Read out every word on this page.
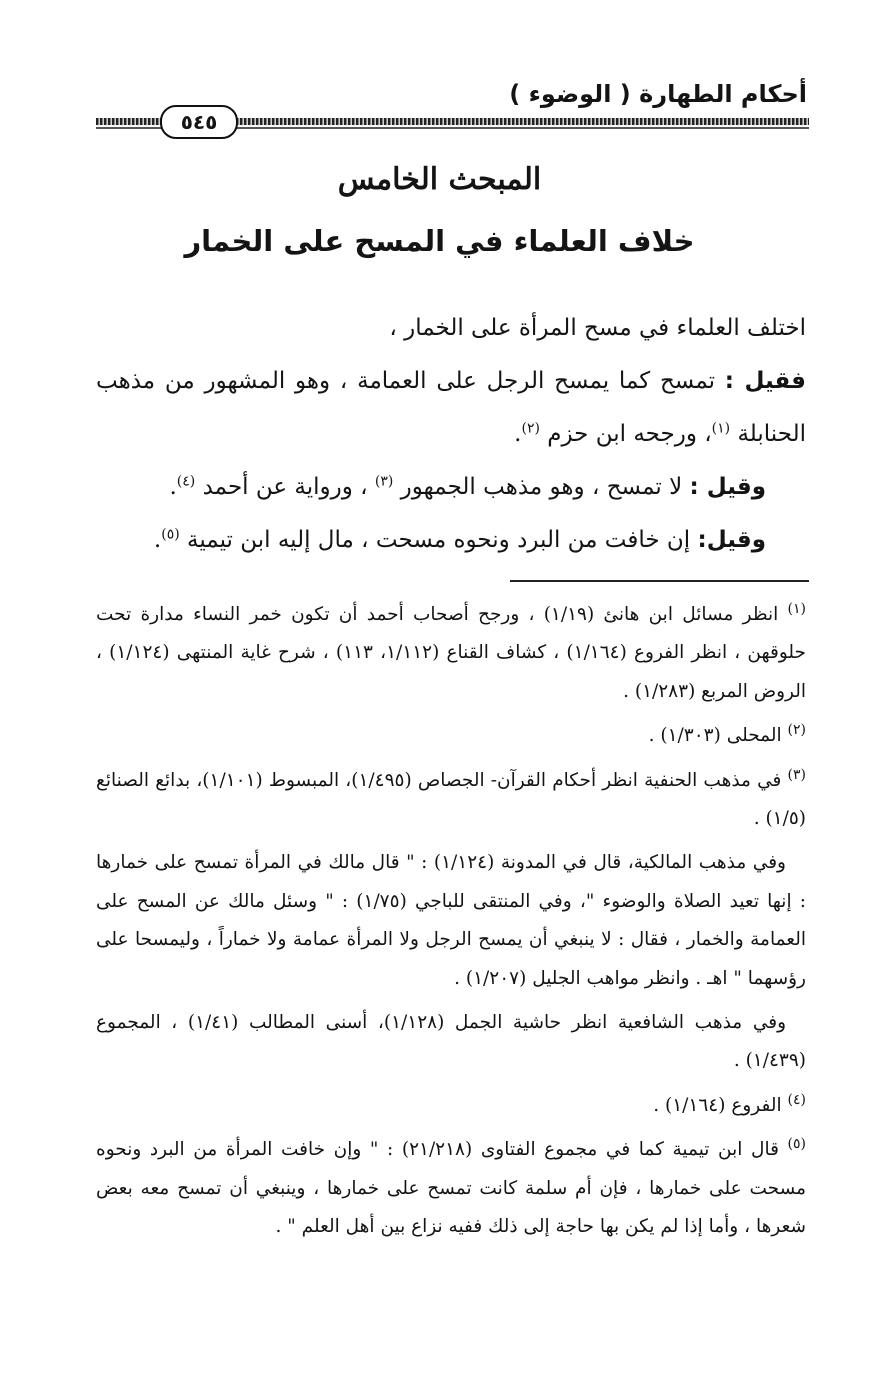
أحكام الطهارة ( الوضوء )
٥٤٥
المبحث الخامس
خلاف العلماء في المسح على الخمار

اختلف العلماء في مسح المرأة على الخمار ،

فقيل : تمسح كما يمسح الرجل على العمامة ، وهو المشهور من مذهب الحنابلة $^{(١)}$، ورجحه ابن حزم $^{(٢)}$.

وقيل : لا تمسح ، وهو مذهب الجمهور $^{(٣)}$ ، ورواية عن أحمد $^{(٤)}$.

وقيل: إن خافت من البرد ونحوه مسحت ، مال إليه ابن تيمية $^{(٥)}$.

$^{(١)}$ انظر مسائل ابن هانئ (١/١٩) ، ورجح أصحاب أحمد أن تكون خمر النساء مدارة تحت حلوقهن ، انظر الفروع (١/١٦٤) ، كشاف القناع (١/١١٢، ١١٣) ، شرح غاية المنتهى (١/١٢٤) ، الروض المربع (١/٢٨٣) .

$^{(٢)}$ المحلى (١/٣٠٣) .

$^{(٣)}$ في مذهب الحنفية انظر أحكام القرآن- الجصاص (١/٤٩٥)، المبسوط (١/١٠١)، بدائع الصنائع (١/٥) .

وفي مذهب المالكية، قال في المدونة (١/١٢٤) : " قال مالك في المرأة تمسح على خمارها : إنها تعيد الصلاة والوضوء "، وفي المنتقى للباجي (١/٧٥) : " وسئل مالك عن المسح على العمامة والخمار ، فقال : لا ينبغي أن يمسح الرجل ولا المرأة عمامة ولا خماراً ، وليمسحا على رؤسهما " اهـ . وانظر مواهب الجليل (١/٢٠٧) .

وفي مذهب الشافعية انظر حاشية الجمل (١/١٢٨)، أسنى المطالب (١/٤١) ، المجموع (١/٤٣٩) .

$^{(٤)}$ الفروع (١/١٦٤) .

$^{(٥)}$ قال ابن تيمية كما في مجموع الفتاوى (٢١/٢١٨) : " وإن خافت المرأة من البرد ونحوه مسحت على خمارها ، فإن أم سلمة كانت تمسح على خمارها ، وينبغي أن تمسح معه بعض شعرها ، وأما إذا لم يكن بها حاجة إلى ذلك ففيه نزاع بين أهل العلم " .
